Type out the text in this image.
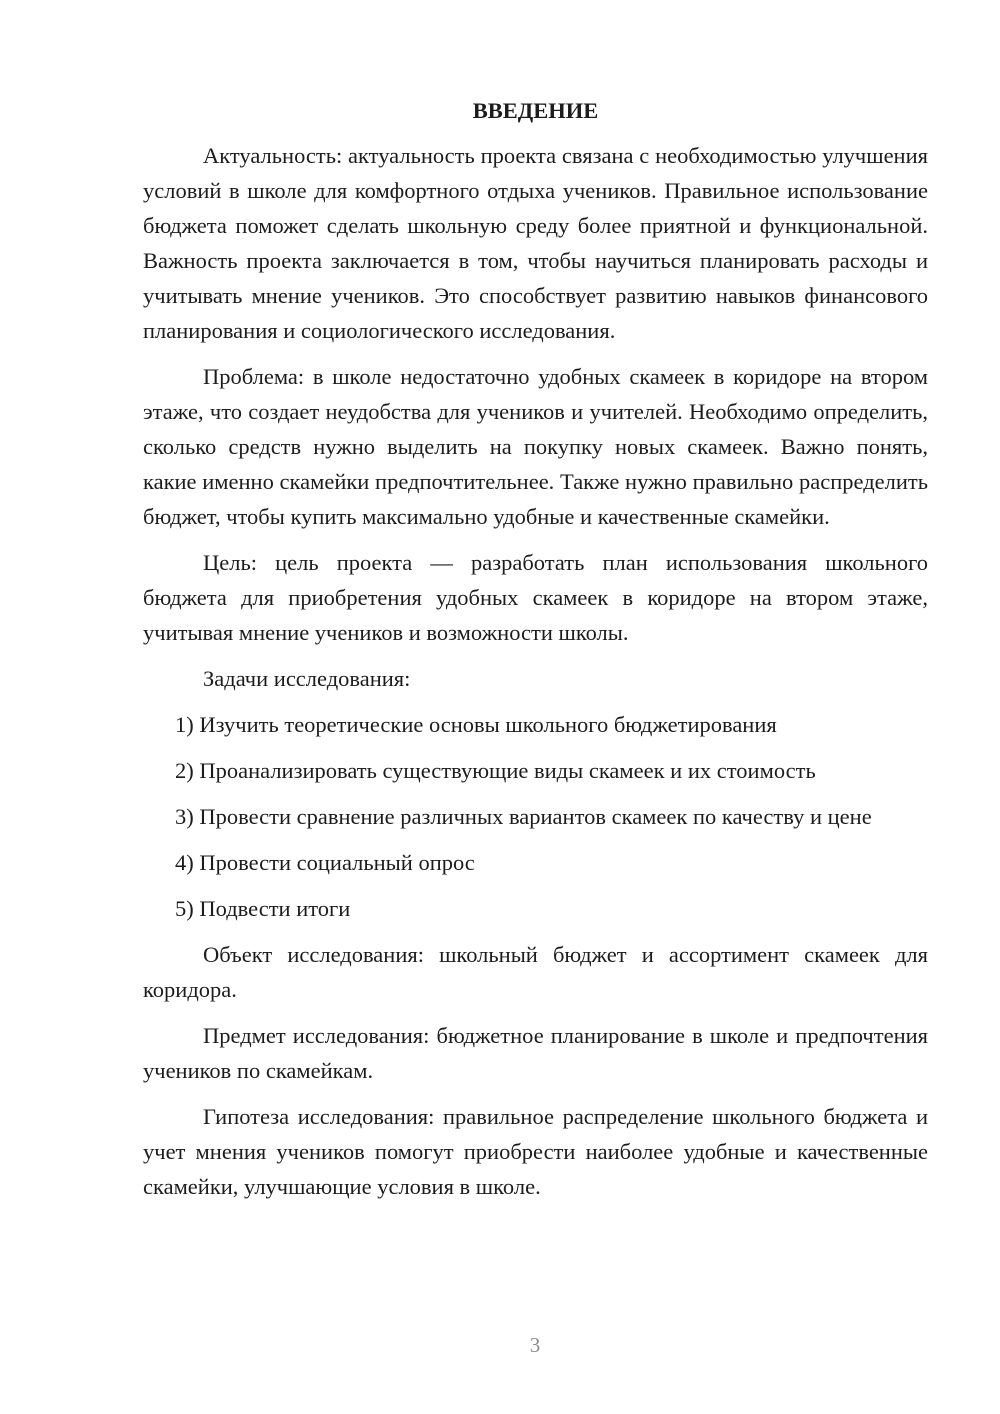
ВВЕДЕНИЕ

Актуальность: актуальность проекта связана с необходимостью улучшения условий в школе для комфортного отдыха учеников. Правильное использование бюджета поможет сделать школьную среду более приятной и функциональной. Важность проекта заключается в том, чтобы научиться планировать расходы и учитывать мнение учеников. Это способствует развитию навыков финансового планирования и социологического исследования.

Проблема: в школе недостаточно удобных скамеек в коридоре на втором этаже, что создает неудобства для учеников и учителей. Необходимо определить, сколько средств нужно выделить на покупку новых скамеек. Важно понять, какие именно скамейки предпочтительнее. Также нужно правильно распределить бюджет, чтобы купить максимально удобные и качественные скамейки.

Цель: цель проекта — разработать план использования школьного бюджета для приобретения удобных скамеек в коридоре на втором этаже, учитывая мнение учеников и возможности школы.

Задачи исследования:

1) Изучить теоретические основы школьного бюджетирования

2) Проанализировать существующие виды скамеек и их стоимость

3) Провести сравнение различных вариантов скамеек по качеству и цене

4) Провести социальный опрос

5) Подвести итоги

Объект исследования: школьный бюджет и ассортимент скамеек для коридора.

Предмет исследования: бюджетное планирование в школе и предпочтения учеников по скамейкам.

Гипотеза исследования: правильное распределение школьного бюджета и учет мнения учеников помогут приобрести наиболее удобные и качественные скамейки, улучшающие условия в школе.

3
